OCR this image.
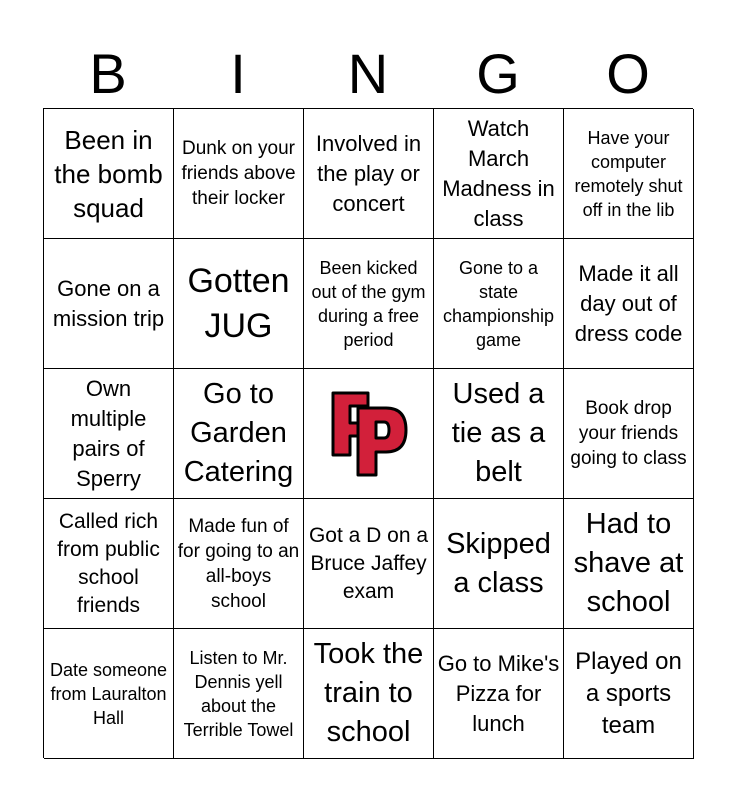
B	I	N	G	O
Been in the bomb squad
Dunk on your friends above their locker
Involved in the play or concert
Watch March Madness in class
Have your computer remotely shut off in the lib
Gone on a mission trip
Gotten JUG
Been kicked out of the gym during a free period
Gone to a state championship game
Made it all day out of dress code
Own multiple pairs of Sperry
Go to Garden Catering	FP
Used a tie as a belt
Book drop your friends going to class
Called rich from public school friends
Made fun of for going to an all-boys school
Got a D on a Bruce Jaffey exam
Skipped a class
Had to shave at school
Date someone from Lauralton Hall
Listen to Mr. Dennis yell about the Terrible Towel
Took the train to school
Go to Mike's Pizza for lunch
Played on a sports team
